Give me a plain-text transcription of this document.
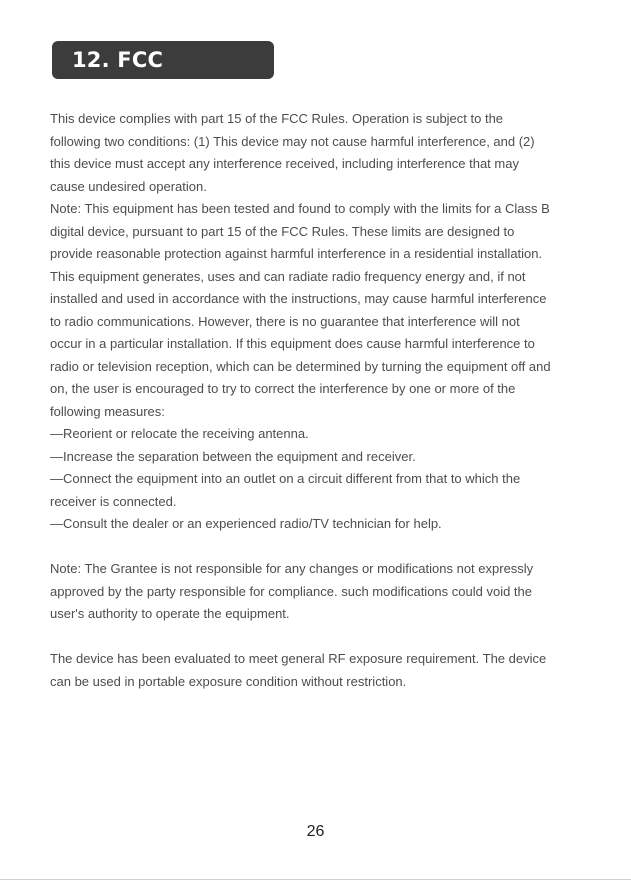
12. FCC WARNING
This device complies with part 15 of the FCC Rules. Operation is subject to the
following two conditions: (1) This device may not cause harmful interference, and (2)
this device must accept any interference received, including interference that may
cause undesired operation.
Note: This equipment has been tested and found to comply with the limits for a Class B
digital device, pursuant to part 15 of the FCC Rules. These limits are designed to
provide reasonable protection against harmful interference in a residential installation.
This equipment generates, uses and can radiate radio frequency energy and, if not
installed and used in accordance with the instructions, may cause harmful interference
to radio communications. However, there is no guarantee that interference will not
occur in a particular installation. If this equipment does cause harmful interference to
radio or television reception, which can be determined by turning the equipment off and
on, the user is encouraged to try to correct the interference by one or more of the
following measures:
—Reorient or relocate the receiving antenna.
—Increase the separation between the equipment and receiver.
—Connect the equipment into an outlet on a circuit different from that to which the
receiver is connected.
—Consult the dealer or an experienced radio/TV technician for help.
Note: The Grantee is not responsible for any changes or modifications not expressly
approved by the party responsible for compliance. such modifications could void the
user's authority to operate the equipment.
The device has been evaluated to meet general RF exposure requirement. The device
can be used in portable exposure condition without restriction.
26
